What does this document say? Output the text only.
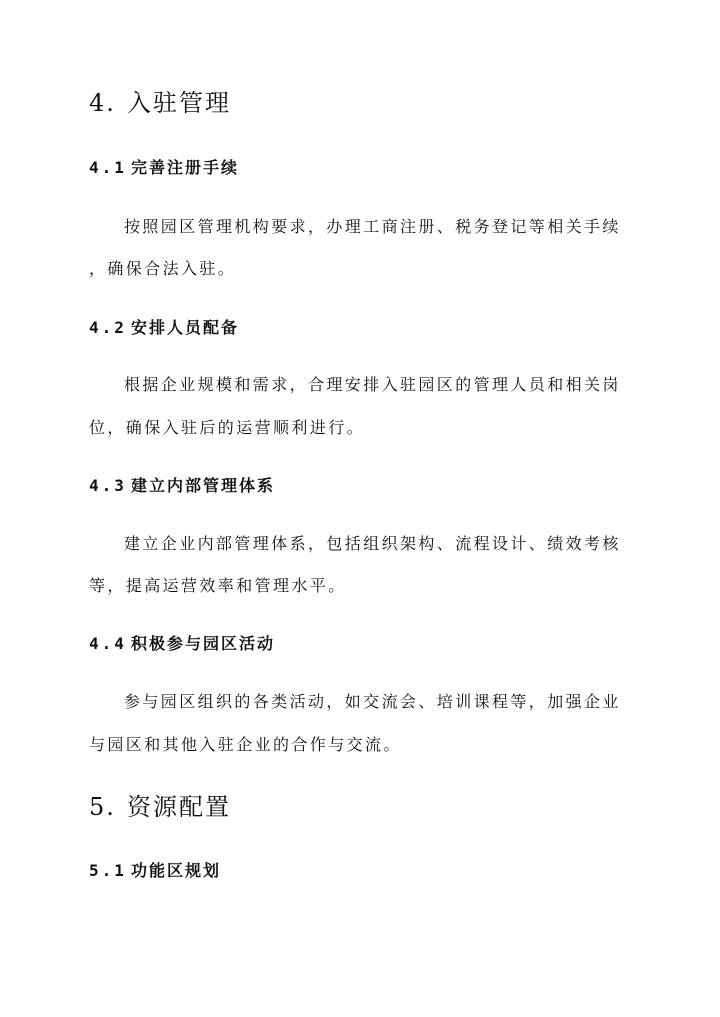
4. 入驻管理
4.1 完善注册手续
按照园区管理机构要求，办理工商注册、税务登记等相关手续
，确保合法入驻。
4.2 安排人员配备
根据企业规模和需求，合理安排入驻园区的管理人员和相关岗
位，确保入驻后的运营顺利进行。
4.3 建立内部管理体系
建立企业内部管理体系，包括组织架构、流程设计、绩效考核
等，提高运营效率和管理水平。
4.4 积极参与园区活动
参与园区组织的各类活动，如交流会、培训课程等，加强企业
与园区和其他入驻企业的合作与交流。
5. 资源配置
5.1 功能区规划
